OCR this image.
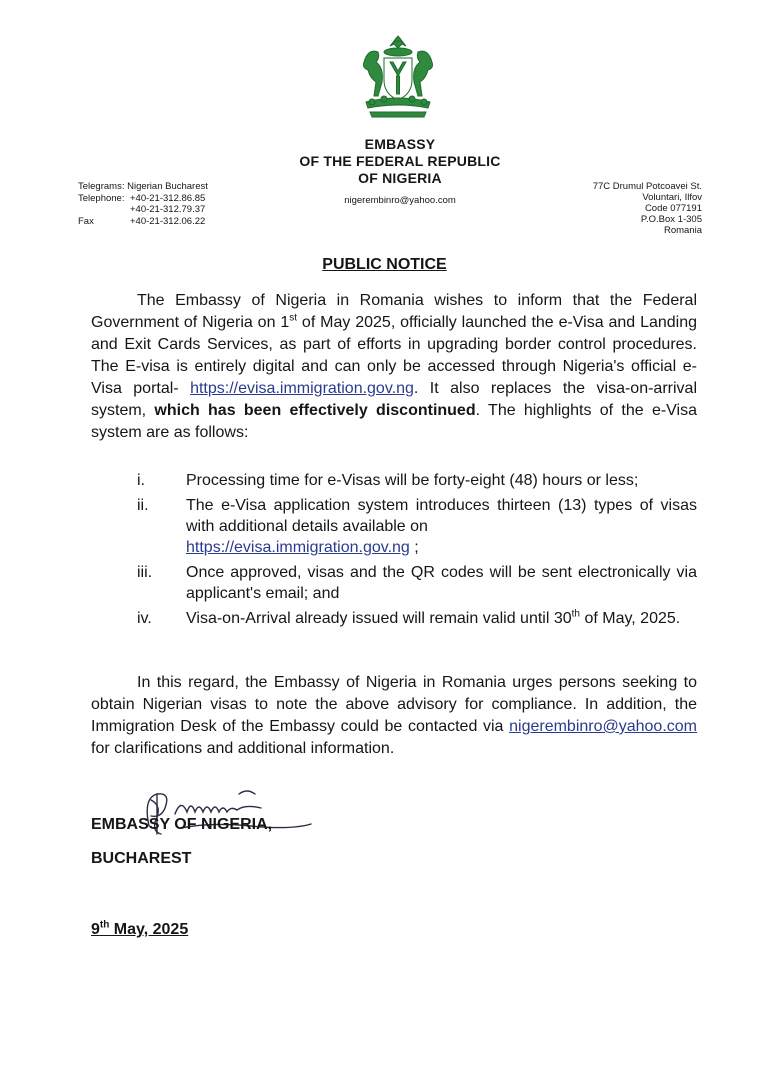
EMBASSY
OF THE FEDERAL REPUBLIC
OF NIGERIA
nigerembinro@yahoo.com
Telegrams: Nigerian Bucharest
Telephone: +40-21-312.86.85
+40-21-312.79.37
Fax	+40-21-312.06.22
77C Drumul Potcoavei St.
Voluntari, Ilfov
Code 077191
P.O.Box 1-305
Romania
PUBLIC NOTICE
The Embassy of Nigeria in Romania wishes to inform that the Federal Government of Nigeria on 1st of May 2025, officially launched the e-Visa and Landing and Exit Cards Services, as part of efforts in upgrading border control procedures. The E-visa is entirely digital and can only be accessed through Nigeria's official e-Visa portal- https://evisa.immigration.gov.ng. It also replaces the visa-on-arrival system, which has been effectively discontinued. The highlights of the e-Visa system are as follows:
i.	Processing time for e-Visas will be forty-eight (48) hours or less;
ii.	The e-Visa application system introduces thirteen (13) types of visas with additional details available on
https://evisa.immigration.gov.ng ;
iii.	Once approved, visas and the QR codes will be sent electronically via applicant's email; and
iv.	Visa-on-Arrival already issued will remain valid until 30th of May, 2025.
In this regard, the Embassy of Nigeria in Romania urges persons seeking to obtain Nigerian visas to note the above advisory for compliance. In addition, the Immigration Desk of the Embassy could be contacted via nigerembinro@yahoo.com for clarifications and additional information.
EMBASSY OF NIGERIA,
BUCHAREST
9th May, 2025
